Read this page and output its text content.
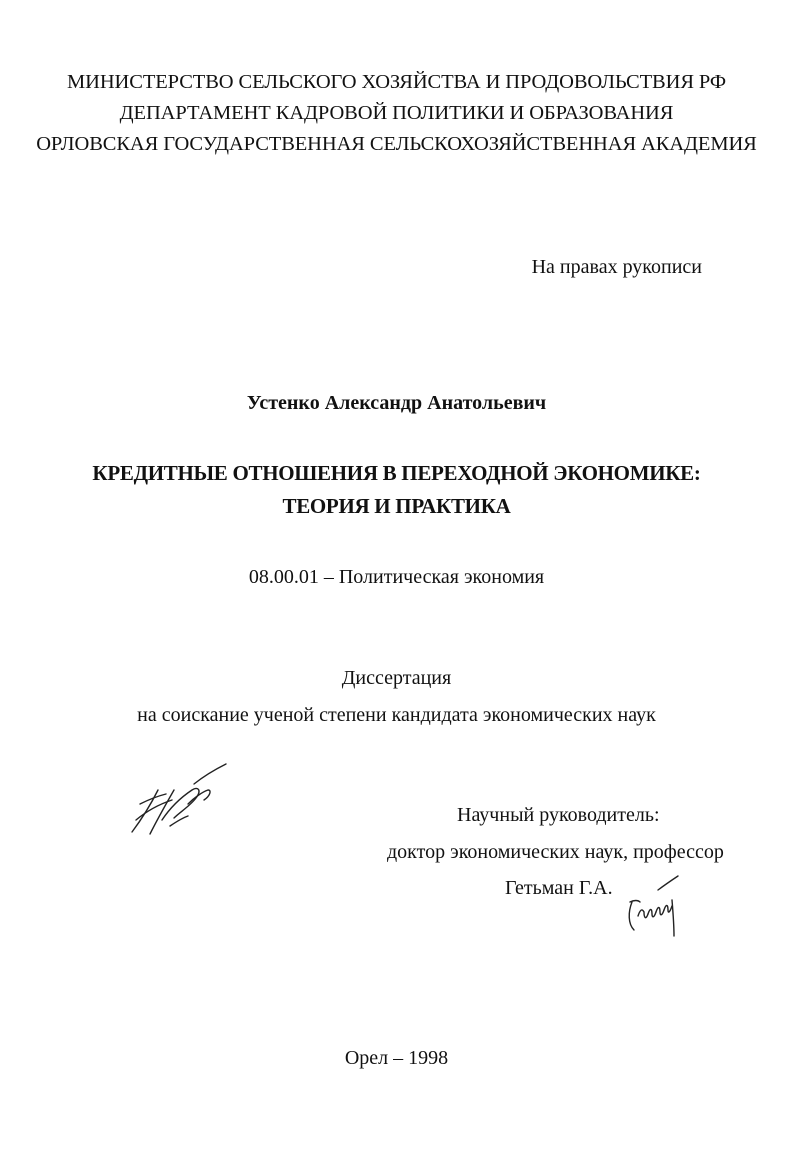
МИНИСТЕРСТВО СЕЛЬСКОГО ХОЗЯЙСТВА И ПРОДОВОЛЬСТВИЯ РФ
ДЕПАРТАМЕНТ КАДРОВОЙ ПОЛИТИКИ И ОБРАЗОВАНИЯ
ОРЛОВСКАЯ ГОСУДАРСТВЕННАЯ СЕЛЬСКОХОЗЯЙСТВЕННАЯ АКАДЕМИЯ
На правах рукописи
Устенко Александр Анатольевич
КРЕДИТНЫЕ ОТНОШЕНИЯ В ПЕРЕХОДНОЙ ЭКОНОМИКЕ:
ТЕОРИЯ И ПРАКТИКА
08.00.01 – Политическая экономия
Диссертация
на соискание ученой степени кандидата экономических наук
Научный руководитель:
доктор экономических наук, профессор
Гетьман Г.А.
Орел – 1998
